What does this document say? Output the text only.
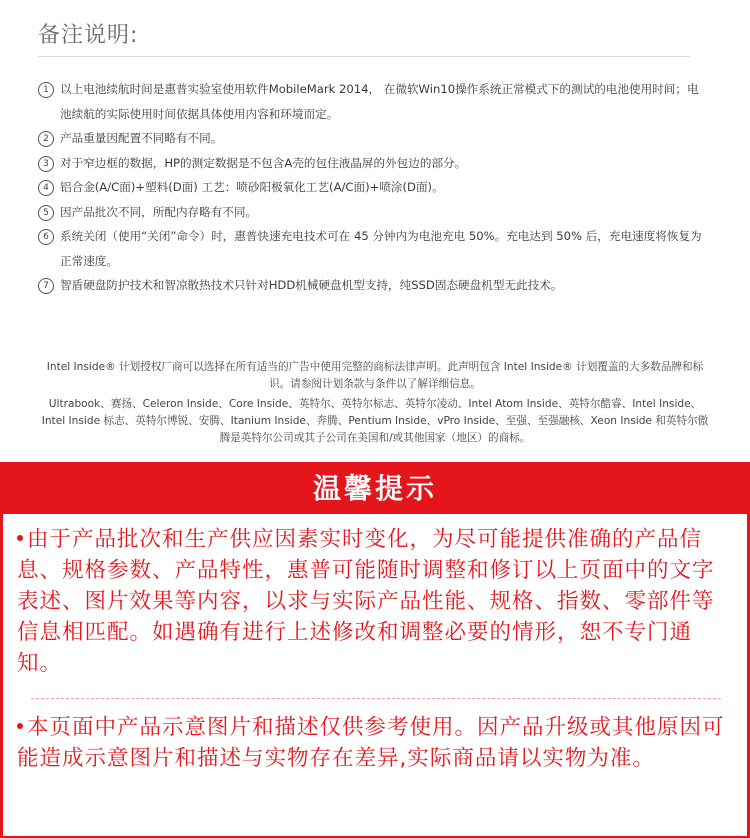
备注说明:
1 以上电池续航时间是惠普实验室使用软件MobileMark 2014， 在微软Win10操作系统正常模式下的测试的电池使用时间；电池续航的实际使用时间依据具体使用内容和环境而定。
2 产品重量因配置不同略有不同。
3 对于窄边框的数据，HP的测定数据是不包含A壳的包住液晶屏的外包边的部分。
4 铝合金(A/C面)+塑料(D面) 工艺：喷砂阳极氧化工艺(A/C面)+喷涂(D面)。
5 因产品批次不同，所配内存略有不同。
6 系统关闭（使用“关闭”命令）时，惠普快速充电技术可在 45 分钟内为电池充电 50%。充电达到 50% 后，充电速度将恢复为正常速度。
7 智盾硬盘防护技术和智凉散热技术只针对HDD机械硬盘机型支持，纯SSD固态硬盘机型无此技术。

Intel Inside® 计划授权厂商可以选择在所有适当的广告中使用完整的商标法律声明。此声明包含 Intel Inside® 计划覆盖的大多数品牌和标识。请参阅计划条款与条件以了解详细信息。

Ultrabook、赛扬、Celeron Inside、Core Inside、英特尔、英特尔标志、英特尔凌动、Intel Atom Inside、英特尔酷睿、Intel Inside、Intel Inside 标志、英特尔博锐、安腾、Itanium Inside、奔腾、Pentium Inside、vPro Inside、至强、至强融核、Xeon Inside 和英特尔傲腾是英特尔公司或其子公司在美国和/或其他国家（地区）的商标。

温馨提示
由于产品批次和生产供应因素实时变化，为尽可能提供准确的产品信息、规格参数、产品特性，惠普可能随时调整和修订以上页面中的文字表述、图片效果等内容，以求与实际产品性能、规格、指数、零部件等信息相匹配。如遇确有进行上述修改和调整必要的情形，恕不专门通知。
本页面中产品示意图片和描述仅供参考使用。因产品升级或其他原因可能造成示意图片和描述与实物存在差异,实际商品请以实物为准。
